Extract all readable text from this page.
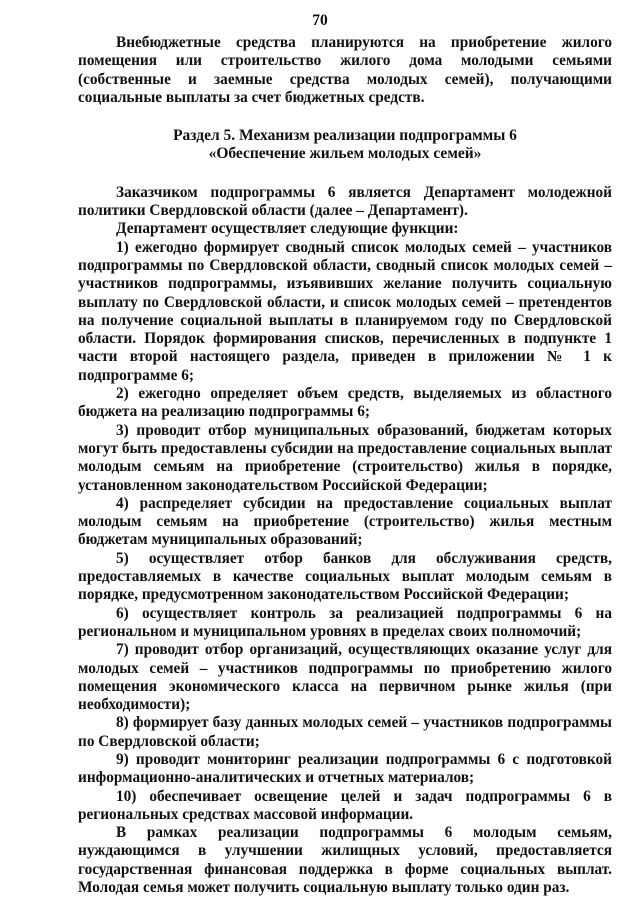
70

Внебюджетные средства планируются на приобретение жилого помещения или строительство жилого дома молодыми семьями (собственные и заемные средства молодых семей), получающими социальные выплаты за счет бюджетных средств.

Раздел 5. Механизм реализации подпрограммы 6
«Обеспечение жильем молодых семей»

Заказчиком подпрограммы 6 является Департамент молодежной политики Свердловской области (далее – Департамент).

Департамент осуществляет следующие функции:

1) ежегодно формирует сводный список молодых семей – участников подпрограммы по Свердловской области, сводный список молодых семей – участников подпрограммы, изъявивших желание получить социальную выплату по Свердловской области, и список молодых семей – претендентов на получение социальной выплаты в планируемом году по Свердловской области. Порядок формирования списков, перечисленных в подпункте 1 части второй настоящего раздела, приведен в приложении № 1 к подпрограмме 6;

2) ежегодно определяет объем средств, выделяемых из областного бюджета на реализацию подпрограммы 6;

3) проводит отбор муниципальных образований, бюджетам которых могут быть предоставлены субсидии на предоставление социальных выплат молодым семьям на приобретение (строительство) жилья в порядке, установленном законодательством Российской Федерации;

4) распределяет субсидии на предоставление социальных выплат молодым семьям на приобретение (строительство) жилья местным бюджетам муниципальных образований;

5) осуществляет отбор банков для обслуживания средств, предоставляемых в качестве социальных выплат молодым семьям в порядке, предусмотренном законодательством Российской Федерации;

6) осуществляет контроль за реализацией подпрограммы 6 на региональном и муниципальном уровнях в пределах своих полномочий;

7) проводит отбор организаций, осуществляющих оказание услуг для молодых семей – участников подпрограммы по приобретению жилого помещения экономического класса на первичном рынке жилья (при необходимости);

8) формирует базу данных молодых семей – участников подпрограммы по Свердловской области;

9) проводит мониторинг реализации подпрограммы 6 с подготовкой информационно-аналитических и отчетных материалов;

10) обеспечивает освещение целей и задач подпрограммы 6 в региональных средствах массовой информации.

В рамках реализации подпрограммы 6 молодым семьям, нуждающимся в улучшении жилищных условий, предоставляется государственная финансовая поддержка в форме социальных выплат. Молодая семья может получить социальную выплату только один раз.
